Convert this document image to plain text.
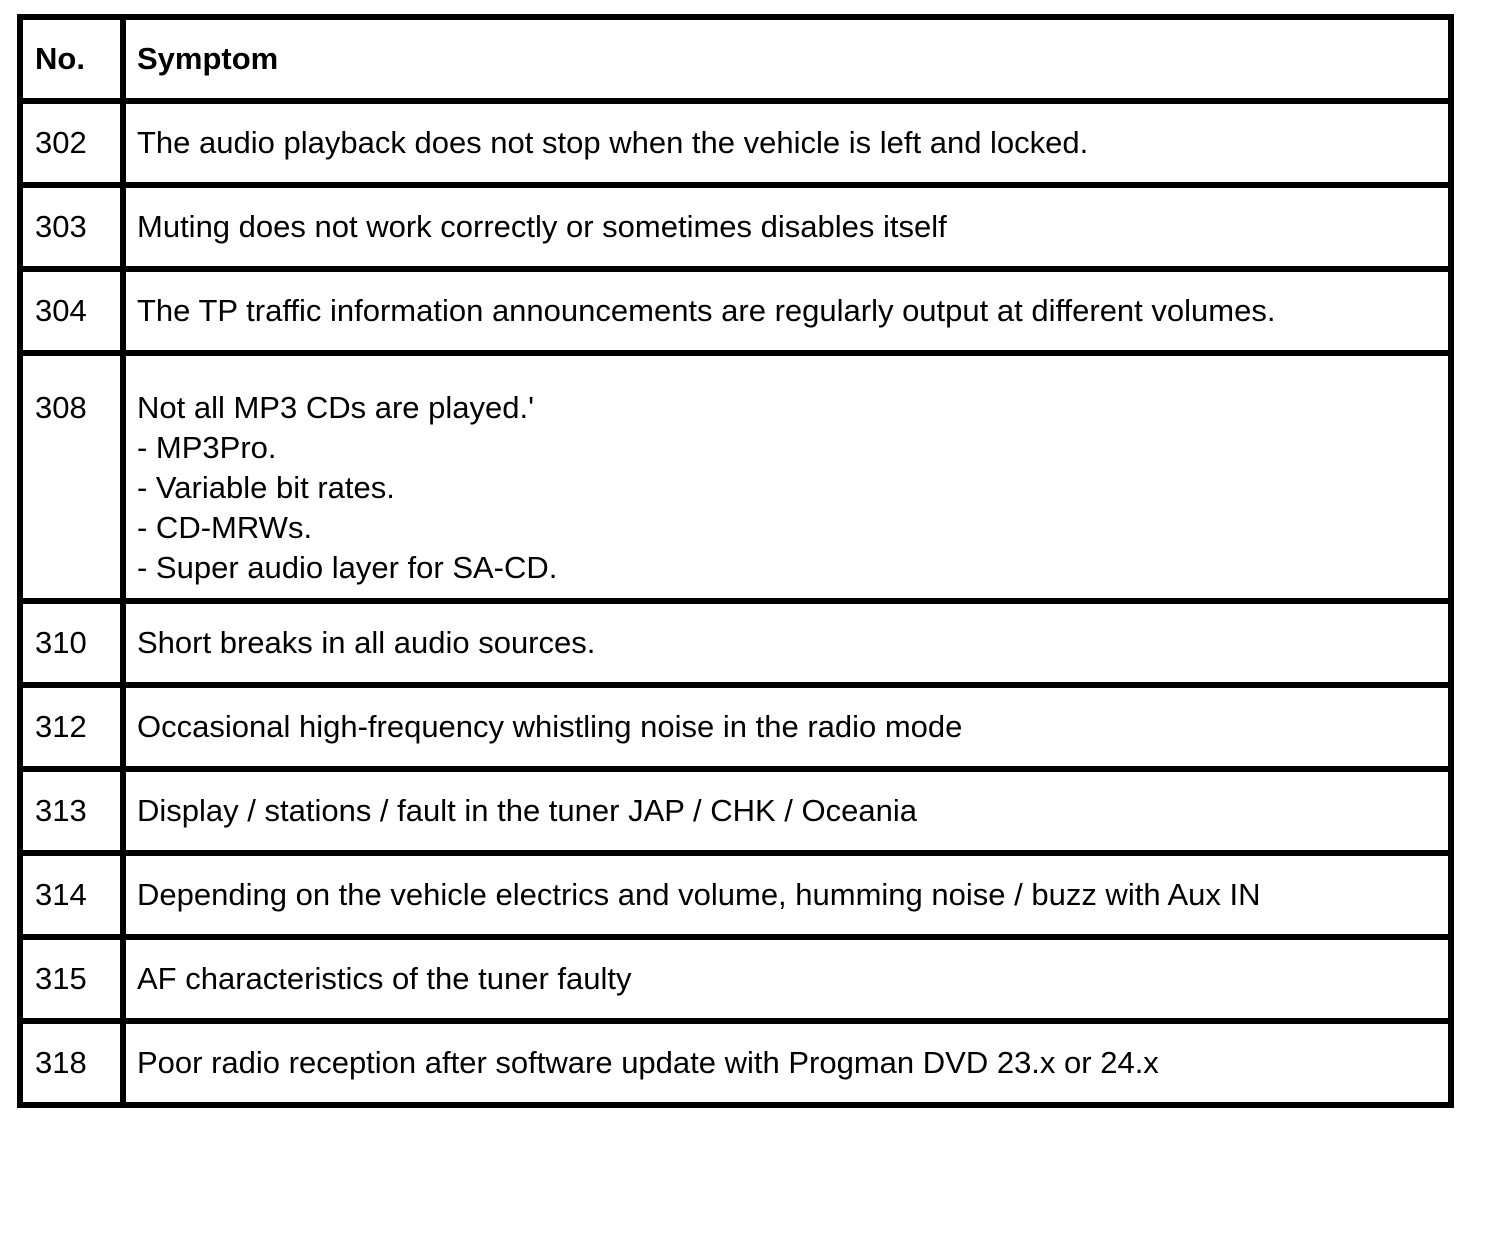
No.	Symptom
302	The audio playback does not stop when the vehicle is left and locked.
303	Muting does not work correctly or sometimes disables itself
304	The TP traffic information announcements are regularly output at different volumes.
308	Not all MP3 CDs are played.'
- MP3Pro.
- Variable bit rates.
- CD-MRWs.
- Super audio layer for SA-CD.

310	Short breaks in all audio sources.
312	Occasional high-frequency whistling noise in the radio mode
313	Display / stations / fault in the tuner JAP / CHK / Oceania
314	Depending on the vehicle electrics and volume, humming noise / buzz with Aux IN
315	AF characteristics of the tuner faulty
318	Poor radio reception after software update with Progman DVD 23.x or 24.x
